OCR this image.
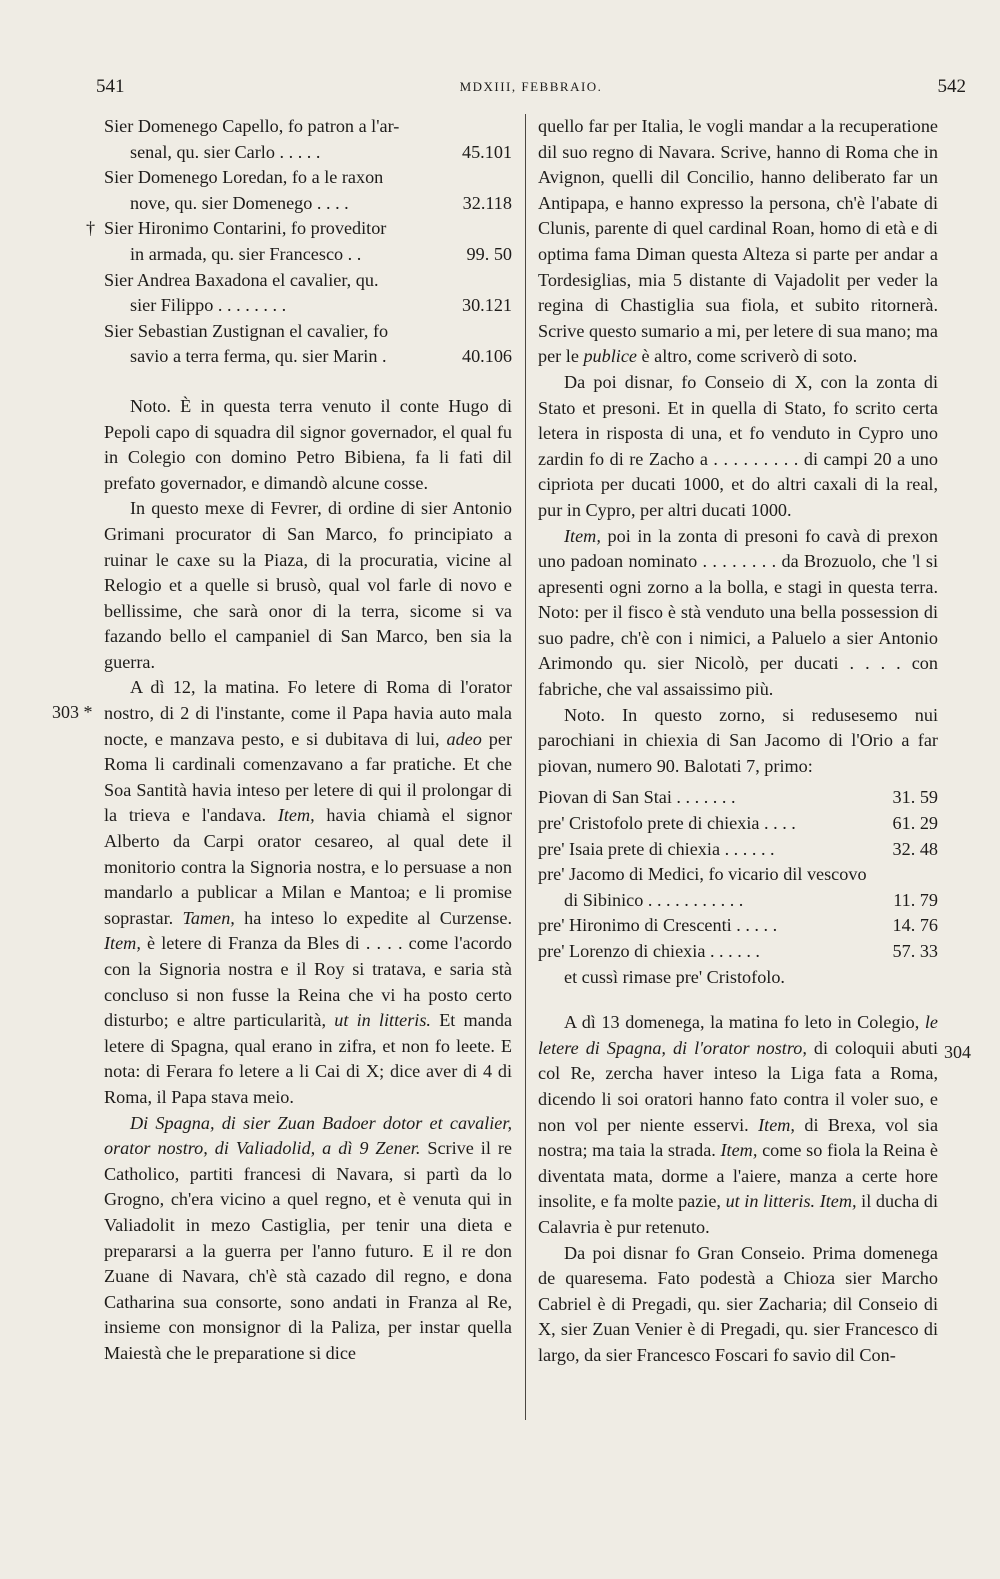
541	MDXIII, FEBBRAIO.	542
303 *
304
Sier Domenego Capello, fo patron a l'ar-
senal, qu. sier Carlo . . . . .	45.101
Sier Domenego Loredan, fo a le raxon
nove, qu. sier Domenego . . . .	32.118
† Sier Hironimo Contarini, fo proveditor
in armada, qu. sier Francesco . .	99. 50
Sier Andrea Baxadona el cavalier, qu.
sier Filippo . . . . . . . .	30.121
Sier Sebastian Zustignan el cavalier, fo
savio a terra ferma, qu. sier Marin .	40.106

Noto. È in questa terra venuto il conte Hugo di Pepoli capo di squadra dil signor governador, el qual fu in Colegio con domino Petro Bibiena, fa li fati dil prefato governador, e dimandò alcune cosse.

In questo mexe di Fevrer, di ordine di sier Antonio Grimani procurator di San Marco, fo principiato a ruinar le caxe su la Piaza, di la procuratia, vicine al Relogio et a quelle si brusò, qual vol farle di novo e bellissime, che sarà onor di la terra, sicome si va fazando bello el campaniel di San Marco, ben sia la guerra.

A dì 12, la matina. Fo letere di Roma di l'orator nostro, di 2 di l'instante, come il Papa havia auto mala nocte, e manzava pesto, e si dubitava di lui, adeo per Roma li cardinali comenzavano a far pratiche. Et che Soa Santità havia inteso per letere di qui il prolongar di la trieva e l'andava. Item, havia chiamà el signor Alberto da Carpi orator cesareo, al qual dete il monitorio contra la Signoria nostra, e lo persuase a non mandarlo a publicar a Milan e Mantoa; e li promise soprastar. Tamen, ha inteso lo expedite al Curzense. Item, è letere di Franza da Bles di . . . . come l'acordo con la Signoria nostra e il Roy si tratava, e saria stà concluso si non fusse la Reina che vi ha posto certo disturbo; e altre particularità, ut in litteris. Et manda letere di Spagna, qual erano in zifra, et non fo leete. E nota: di Ferara fo letere a li Cai di X; dice aver di 4 di Roma, il Papa stava meio.

Di Spagna, di sier Zuan Badoer dotor et cavalier, orator nostro, di Valiadolid, a dì 9 Zener. Scrive il re Catholico, partiti francesi di Navara, si partì da lo Grogno, ch'era vicino a quel regno, et è venuta qui in Valiadolit in mezo Castiglia, per tenir una dieta e prepararsi a la guerra per l'anno futuro. E il re don Zuane di Navara, ch'è stà cazado dil regno, e dona Catharina sua consorte, sono andati in Franza al Re, insieme con monsignor di la Paliza, per instar quella Maiestà che le preparatione si dice

quello far per Italia, le vogli mandar a la recuperatione dil suo regno di Navara. Scrive, hanno di Roma che in Avignon, quelli dil Concilio, hanno deliberato far un Antipapa, e hanno expresso la persona, ch'è l'abate di Clunis, parente di quel cardinal Roan, homo di età e di optima fama Diman questa Alteza si parte per andar a Tordesiglias, mia 5 distante di Vajadolit per veder la regina di Chastiglia sua fiola, et subito ritornerà. Scrive questo sumario a mi, per letere di sua mano; ma per le publice è altro, come scriverò di soto.

Da poi disnar, fo Conseio di X, con la zonta di Stato et presoni. Et in quella di Stato, fo scrito certa letera in risposta di una, et fo venduto in Cypro uno zardin fo di re Zacho a . . . . . . . . . di campi 20 a uno cipriota per ducati 1000, et do altri caxali di la real, pur in Cypro, per altri ducati 1000.

Item, poi in la zonta di presoni fo cavà di prexon uno padoan nominato . . . . . . . . da Brozuolo, che 'l si apresenti ogni zorno a la bolla, e stagi in questa terra. Noto: per il fisco è stà venduto una bella possession di suo padre, ch'è con i nimici, a Paluelo a sier Antonio Arimondo qu. sier Nicolò, per ducati . . . . con fabriche, che val assaissimo più.

Noto. In questo zorno, si redusesemo nui parochiani in chiexia di San Jacomo di l'Orio a far piovan, numero 90. Balotati 7, primo:

Piovan di San Stai . . . . . . .	31. 59
pre' Cristofolo prete di chiexia . . . .	61. 29
pre' Isaia prete di chiexia . . . . . .	32. 48
pre' Jacomo di Medici, fo vicario dil vescovo
di Sibinico . . . . . . . . . . .	11. 79
pre' Hironimo di Crescenti . . . . .	14. 76
pre' Lorenzo di chiexia . . . . . .	57. 33

et cussì rimase pre' Cristofolo.

A dì 13 domenega, la matina fo leto in Colegio, le letere di Spagna, di l'orator nostro, di coloquii abuti col Re, zercha haver inteso la Liga fata a Roma, dicendo li soi oratori hanno fato contra il voler suo, e non vol per niente esservi. Item, di Brexa, vol sia nostra; ma taia la strada. Item, come so fiola la Reina è diventata mata, dorme a l'aiere, manza a certe hore insolite, e fa molte pazie, ut in litteris. Item, il ducha di Calavria è pur retenuto.

Da poi disnar fo Gran Conseio. Prima domenega de quaresema. Fato podestà a Chioza sier Marcho Cabriel è di Pregadi, qu. sier Zacharia; dil Conseio di X, sier Zuan Venier è di Pregadi, qu. sier Francesco di largo, da sier Francesco Foscari fo savio dil Con-
